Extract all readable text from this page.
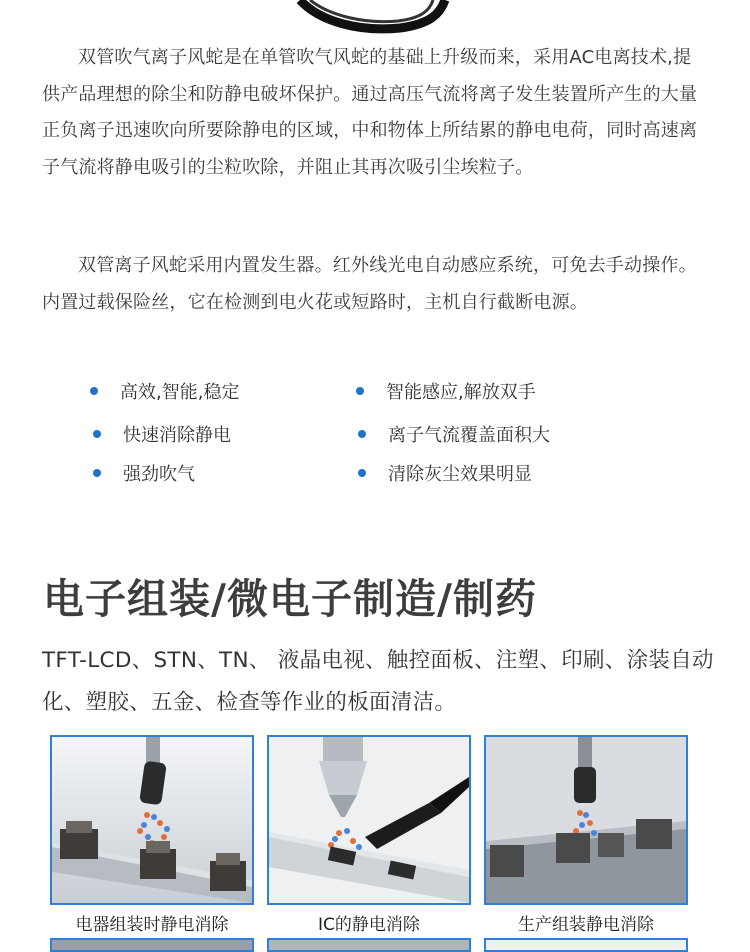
双管吹气离子风蛇是在单管吹气风蛇的基础上升级而来，采用AC电离技术,提供产品理想的除尘和防静电破坏保护。通过高压气流将离子发生装置所产生的大量正负离子迅速吹向所要除静电的区域，中和物体上所结累的静电电荷，同时高速离子气流将静电吸引的尘粒吹除，并阻止其再次吸引尘埃粒子。
双管离子风蛇采用内置发生器。红外线光电自动感应系统，可免去手动操作。内置过载保险丝，它在检测到电火花或短路时，主机自行截断电源。
高效,智能,稳定
快速消除静电
强劲吹气
智能感应,解放双手
离子气流覆盖面积大
清除灰尘效果明显
电子组装/微电子制造/制药
TFT-LCD、STN、TN、 液晶电视、触控面板、注塑、印刷、涂装自动化、塑胶、五金、检查等作业的板面清洁。
电器组装时静电消除	IC的静电消除	生产组装静电消除
